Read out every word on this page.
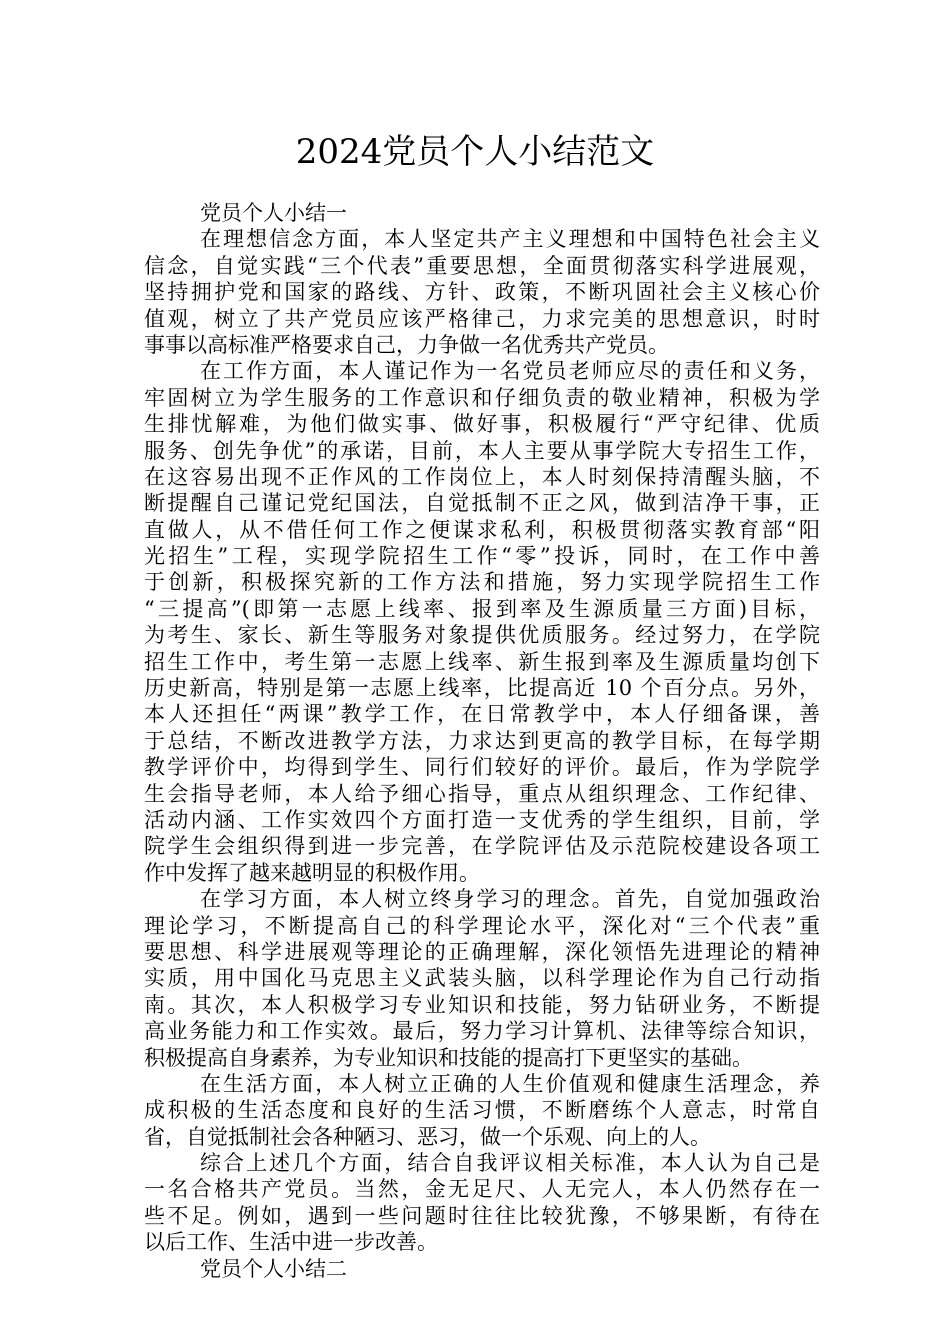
2024党员个人小结范文
党员个人小结一
在理想信念方面，本人坚定共产主义理想和中国特色社会主义
信念，自觉实践“三个代表”重要思想，全面贯彻落实科学进展观，
坚持拥护党和国家的路线、方针、政策，不断巩固社会主义核心价
值观，树立了共产党员应该严格律己，力求完美的思想意识，时时
事事以高标准严格要求自己，力争做一名优秀共产党员。
在工作方面，本人谨记作为一名党员老师应尽的责任和义务，
牢固树立为学生服务的工作意识和仔细负责的敬业精神，积极为学
生排忧解难，为他们做实事、做好事，积极履行“严守纪律、优质
服务、创先争优”的承诺，目前，本人主要从事学院大专招生工作，
在这容易出现不正作风的工作岗位上，本人时刻保持清醒头脑，不
断提醒自己谨记党纪国法，自觉抵制不正之风，做到洁净干事，正
直做人，从不借任何工作之便谋求私利，积极贯彻落实教育部“阳
光招生”工程，实现学院招生工作“零”投诉，同时，在工作中善
于创新，积极探究新的工作方法和措施，努力实现学院招生工作
“三提高”(即第一志愿上线率、报到率及生源质量三方面)目标，
为考生、家长、新生等服务对象提供优质服务。经过努力，在学院
招生工作中，考生第一志愿上线率、新生报到率及生源质量均创下
历史新高，特别是第一志愿上线率，比提高近 10 个百分点。另外，
本人还担任“两课”教学工作，在日常教学中，本人仔细备课，善
于总结，不断改进教学方法，力求达到更高的教学目标，在每学期
教学评价中，均得到学生、同行们较好的评价。最后，作为学院学
生会指导老师，本人给予细心指导，重点从组织理念、工作纪律、
活动内涵、工作实效四个方面打造一支优秀的学生组织，目前，学
院学生会组织得到进一步完善，在学院评估及示范院校建设各项工
作中发挥了越来越明显的积极作用。
在学习方面，本人树立终身学习的理念。首先，自觉加强政治
理论学习，不断提高自己的科学理论水平，深化对“三个代表”重
要思想、科学进展观等理论的正确理解，深化领悟先进理论的精神
实质，用中国化马克思主义武装头脑，以科学理论作为自己行动指
南。其次，本人积极学习专业知识和技能，努力钻研业务，不断提
高业务能力和工作实效。最后，努力学习计算机、法律等综合知识，
积极提高自身素养，为专业知识和技能的提高打下更坚实的基础。
在生活方面，本人树立正确的人生价值观和健康生活理念，养
成积极的生活态度和良好的生活习惯，不断磨练个人意志，时常自
省，自觉抵制社会各种陋习、恶习，做一个乐观、向上的人。
综合上述几个方面，结合自我评议相关标准，本人认为自己是
一名合格共产党员。当然，金无足尺、人无完人，本人仍然存在一
些不足。例如，遇到一些问题时往往比较犹豫，不够果断，有待在
以后工作、生活中进一步改善。
党员个人小结二
